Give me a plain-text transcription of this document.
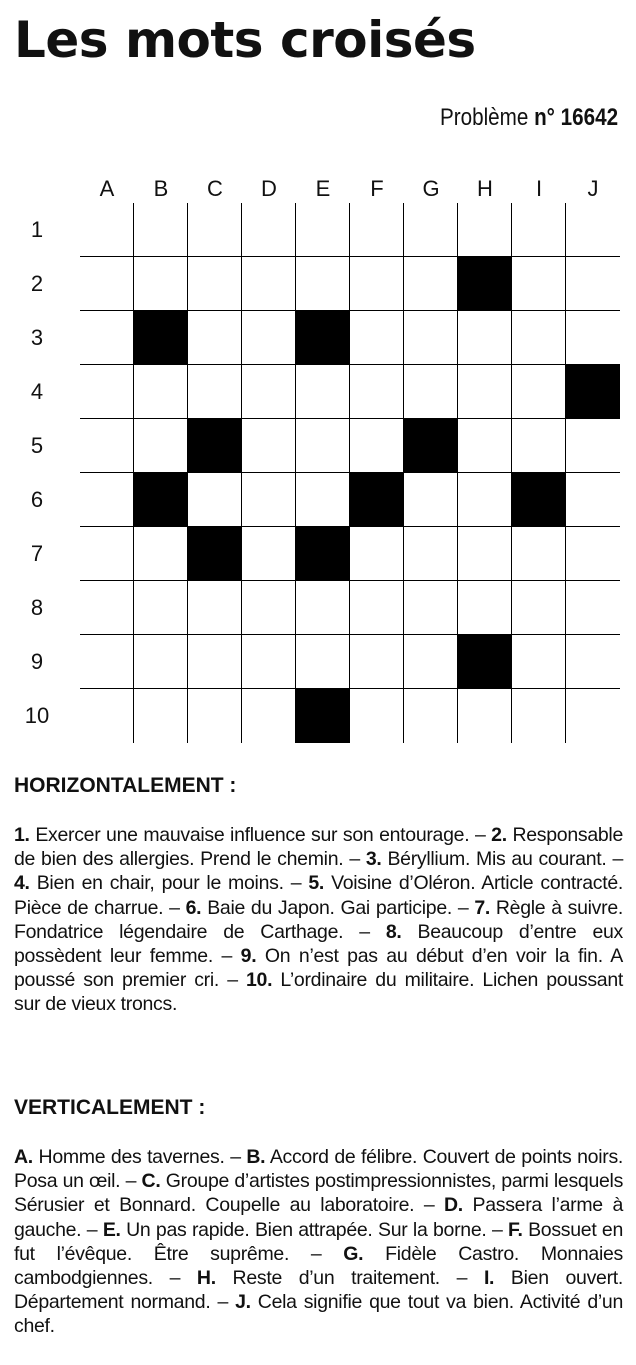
Les mots croisés
Problème n° 16642
A	B	C	D	E	F	G	H	I	J
1
2
3
4
5
6
7
8
9
10
HORIZONTALEMENT :

1. Exercer une mauvaise influence sur son entourage. – 2. Responsable de bien des allergies. Prend le chemin. – 3. Béryllium. Mis au courant. – 4. Bien en chair, pour le moins. – 5. Voisine d’Oléron. Article contracté. Pièce de charrue. – 6. Baie du Japon. Gai participe. – 7. Règle à suivre. Fondatrice légendaire de Carthage. – 8. Beaucoup d’entre eux possèdent leur femme. – 9. On n’est pas au début d’en voir la fin. A poussé son premier cri. – 10. L’ordinaire du militaire. Lichen poussant sur de vieux troncs.

VERTICALEMENT :

A. Homme des tavernes. – B. Accord de félibre. Couvert de points noirs. Posa un œil. – C. Groupe d’artistes postimpressionnistes, parmi lesquels Sérusier et Bonnard. Coupelle au laboratoire. – D. Passera l’arme à gauche. – E. Un pas rapide. Bien attrapée. Sur la borne. – F. Bossuet en fut l’évêque. Être suprême. – G. Fidèle Castro. Monnaies cambodgiennes. – H. Reste d’un traitement. – I. Bien ouvert. Département normand. – J. Cela signifie que tout va bien. Activité d’un chef.
